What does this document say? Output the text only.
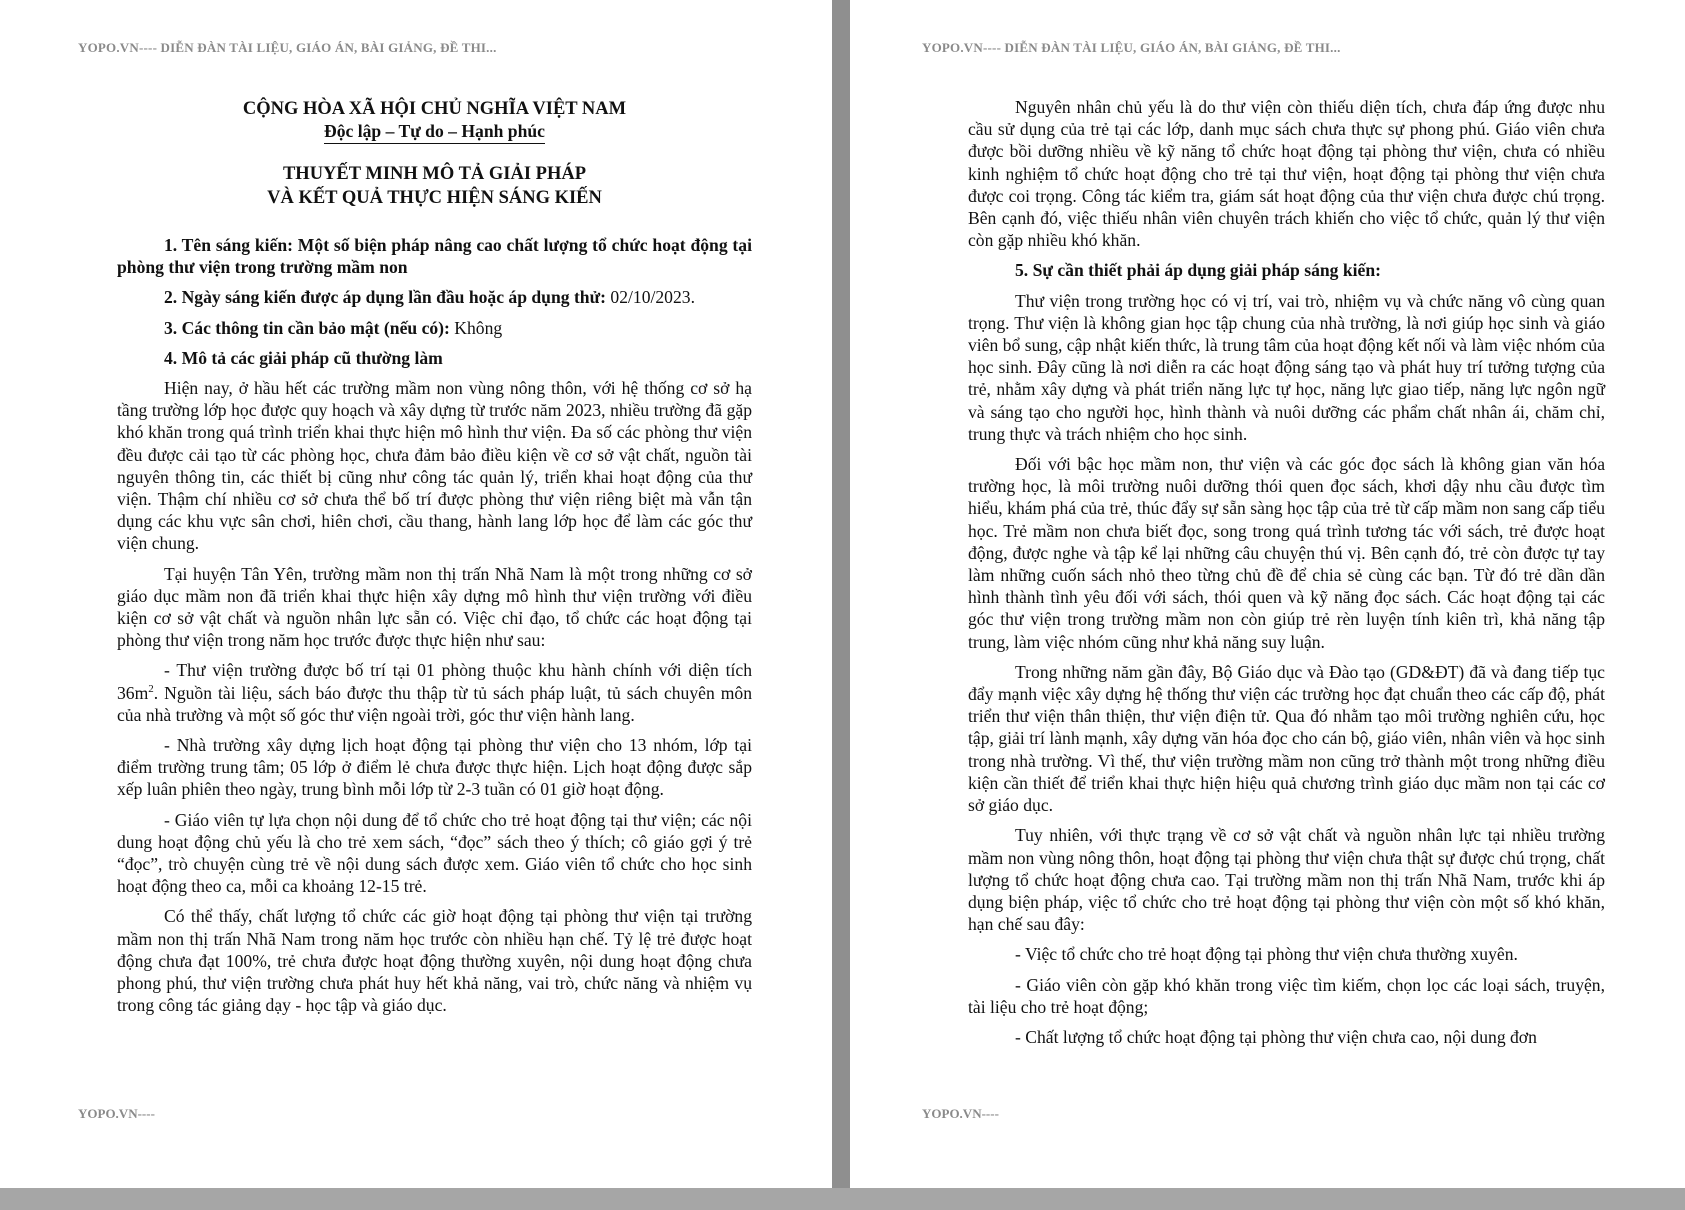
YOPO.VN---- DIỄN ĐÀN TÀI LIỆU, GIÁO ÁN, BÀI GIẢNG, ĐỀ THI...
CỘNG HÒA XÃ HỘI CHỦ NGHĨA VIỆT NAM
Độc lập – Tự do – Hạnh phúc
THUYẾT MINH MÔ TẢ GIẢI PHÁP
VÀ KẾT QUẢ THỰC HIỆN SÁNG KIẾN

1. Tên sáng kiến: Một số biện pháp nâng cao chất lượng tổ chức hoạt động tại phòng thư viện trong trường mầm non

2. Ngày sáng kiến được áp dụng lần đầu hoặc áp dụng thử: 02/10/2023.

3. Các thông tin cần bảo mật (nếu có): Không

4. Mô tả các giải pháp cũ thường làm

Hiện nay, ở hầu hết các trường mầm non vùng nông thôn, với hệ thống cơ sở hạ tầng trường lớp học được quy hoạch và xây dựng từ trước năm 2023, nhiều trường đã gặp khó khăn trong quá trình triển khai thực hiện mô hình thư viện. Đa số các phòng thư viện đều được cải tạo từ các phòng học, chưa đảm bảo điều kiện về cơ sở vật chất, nguồn tài nguyên thông tin, các thiết bị cũng như công tác quản lý, triển khai hoạt động của thư viện. Thậm chí nhiều cơ sở chưa thể bố trí được phòng thư viện riêng biệt mà vẫn tận dụng các khu vực sân chơi, hiên chơi, cầu thang, hành lang lớp học để làm các góc thư viện chung.

Tại huyện Tân Yên, trường mầm non thị trấn Nhã Nam là một trong những cơ sở giáo dục mầm non đã triển khai thực hiện xây dựng mô hình thư viện trường với điều kiện cơ sở vật chất và nguồn nhân lực sẵn có. Việc chỉ đạo, tổ chức các hoạt động tại phòng thư viện trong năm học trước được thực hiện như sau:

- Thư viện trường được bố trí tại 01 phòng thuộc khu hành chính với diện tích $36m^2$. Nguồn tài liệu, sách báo được thu thập từ tủ sách pháp luật, tủ sách chuyên môn của nhà trường và một số góc thư viện ngoài trời, góc thư viện hành lang.

- Nhà trường xây dựng lịch hoạt động tại phòng thư viện cho 13 nhóm, lớp tại điểm trường trung tâm; 05 lớp ở điểm lẻ chưa được thực hiện. Lịch hoạt động được sắp xếp luân phiên theo ngày, trung bình mỗi lớp từ 2-3 tuần có 01 giờ hoạt động.

- Giáo viên tự lựa chọn nội dung để tổ chức cho trẻ hoạt động tại thư viện; các nội dung hoạt động chủ yếu là cho trẻ xem sách, “đọc” sách theo ý thích; cô giáo gợi ý trẻ “đọc”, trò chuyện cùng trẻ về nội dung sách được xem. Giáo viên tổ chức cho học sinh hoạt động theo ca, mỗi ca khoảng 12-15 trẻ.

Có thể thấy, chất lượng tổ chức các giờ hoạt động tại phòng thư viện tại trường mầm non thị trấn Nhã Nam trong năm học trước còn nhiều hạn chế. Tỷ lệ trẻ được hoạt động chưa đạt 100%, trẻ chưa được hoạt động thường xuyên, nội dung hoạt động chưa phong phú, thư viện trường chưa phát huy hết khả năng, vai trò, chức năng và nhiệm vụ trong công tác giảng dạy - học tập và giáo dục.

YOPO.VN----
YOPO.VN---- DIỄN ĐÀN TÀI LIỆU, GIÁO ÁN, BÀI GIẢNG, ĐỀ THI...

Nguyên nhân chủ yếu là do thư viện còn thiếu diện tích, chưa đáp ứng được nhu cầu sử dụng của trẻ tại các lớp, danh mục sách chưa thực sự phong phú. Giáo viên chưa được bồi dưỡng nhiều về kỹ năng tổ chức hoạt động tại phòng thư viện, chưa có nhiều kinh nghiệm tổ chức hoạt động cho trẻ tại thư viện, hoạt động tại phòng thư viện chưa được coi trọng. Công tác kiểm tra, giám sát hoạt động của thư viện chưa được chú trọng. Bên cạnh đó, việc thiếu nhân viên chuyên trách khiến cho việc tổ chức, quản lý thư viện còn gặp nhiều khó khăn.

5. Sự cần thiết phải áp dụng giải pháp sáng kiến:

Thư viện trong trường học có vị trí, vai trò, nhiệm vụ và chức năng vô cùng quan trọng. Thư viện là không gian học tập chung của nhà trường, là nơi giúp học sinh và giáo viên bổ sung, cập nhật kiến thức, là trung tâm của hoạt động kết nối và làm việc nhóm của học sinh. Đây cũng là nơi diễn ra các hoạt động sáng tạo và phát huy trí tưởng tượng của trẻ, nhằm xây dựng và phát triển năng lực tự học, năng lực giao tiếp, năng lực ngôn ngữ và sáng tạo cho người học, hình thành và nuôi dưỡng các phẩm chất nhân ái, chăm chỉ, trung thực và trách nhiệm cho học sinh.

Đối với bậc học mầm non, thư viện và các góc đọc sách là không gian văn hóa trường học, là môi trường nuôi dưỡng thói quen đọc sách, khơi dậy nhu cầu được tìm hiểu, khám phá của trẻ, thúc đẩy sự sẵn sàng học tập của trẻ từ cấp mầm non sang cấp tiểu học. Trẻ mầm non chưa biết đọc, song trong quá trình tương tác với sách, trẻ được hoạt động, được nghe và tập kể lại những câu chuyện thú vị. Bên cạnh đó, trẻ còn được tự tay làm những cuốn sách nhỏ theo từng chủ đề để chia sẻ cùng các bạn. Từ đó trẻ dần dần hình thành tình yêu đối với sách, thói quen và kỹ năng đọc sách. Các hoạt động tại các góc thư viện trong trường mầm non còn giúp trẻ rèn luyện tính kiên trì, khả năng tập trung, làm việc nhóm cũng như khả năng suy luận.

Trong những năm gần đây, Bộ Giáo dục và Đào tạo (GD&ĐT) đã và đang tiếp tục đẩy mạnh việc xây dựng hệ thống thư viện các trường học đạt chuẩn theo các cấp độ, phát triển thư viện thân thiện, thư viện điện tử. Qua đó nhằm tạo môi trường nghiên cứu, học tập, giải trí lành mạnh, xây dựng văn hóa đọc cho cán bộ, giáo viên, nhân viên và học sinh trong nhà trường. Vì thế, thư viện trường mầm non cũng trở thành một trong những điều kiện cần thiết để triển khai thực hiện hiệu quả chương trình giáo dục mầm non tại các cơ sở giáo dục.

Tuy nhiên, với thực trạng về cơ sở vật chất và nguồn nhân lực tại nhiều trường mầm non vùng nông thôn, hoạt động tại phòng thư viện chưa thật sự được chú trọng, chất lượng tổ chức hoạt động chưa cao. Tại trường mầm non thị trấn Nhã Nam, trước khi áp dụng biện pháp, việc tổ chức cho trẻ hoạt động tại phòng thư viện còn một số khó khăn, hạn chế sau đây:

- Việc tổ chức cho trẻ hoạt động tại phòng thư viện chưa thường xuyên.

- Giáo viên còn gặp khó khăn trong việc tìm kiếm, chọn lọc các loại sách, truyện, tài liệu cho trẻ hoạt động;

- Chất lượng tổ chức hoạt động tại phòng thư viện chưa cao, nội dung đơn

YOPO.VN----
